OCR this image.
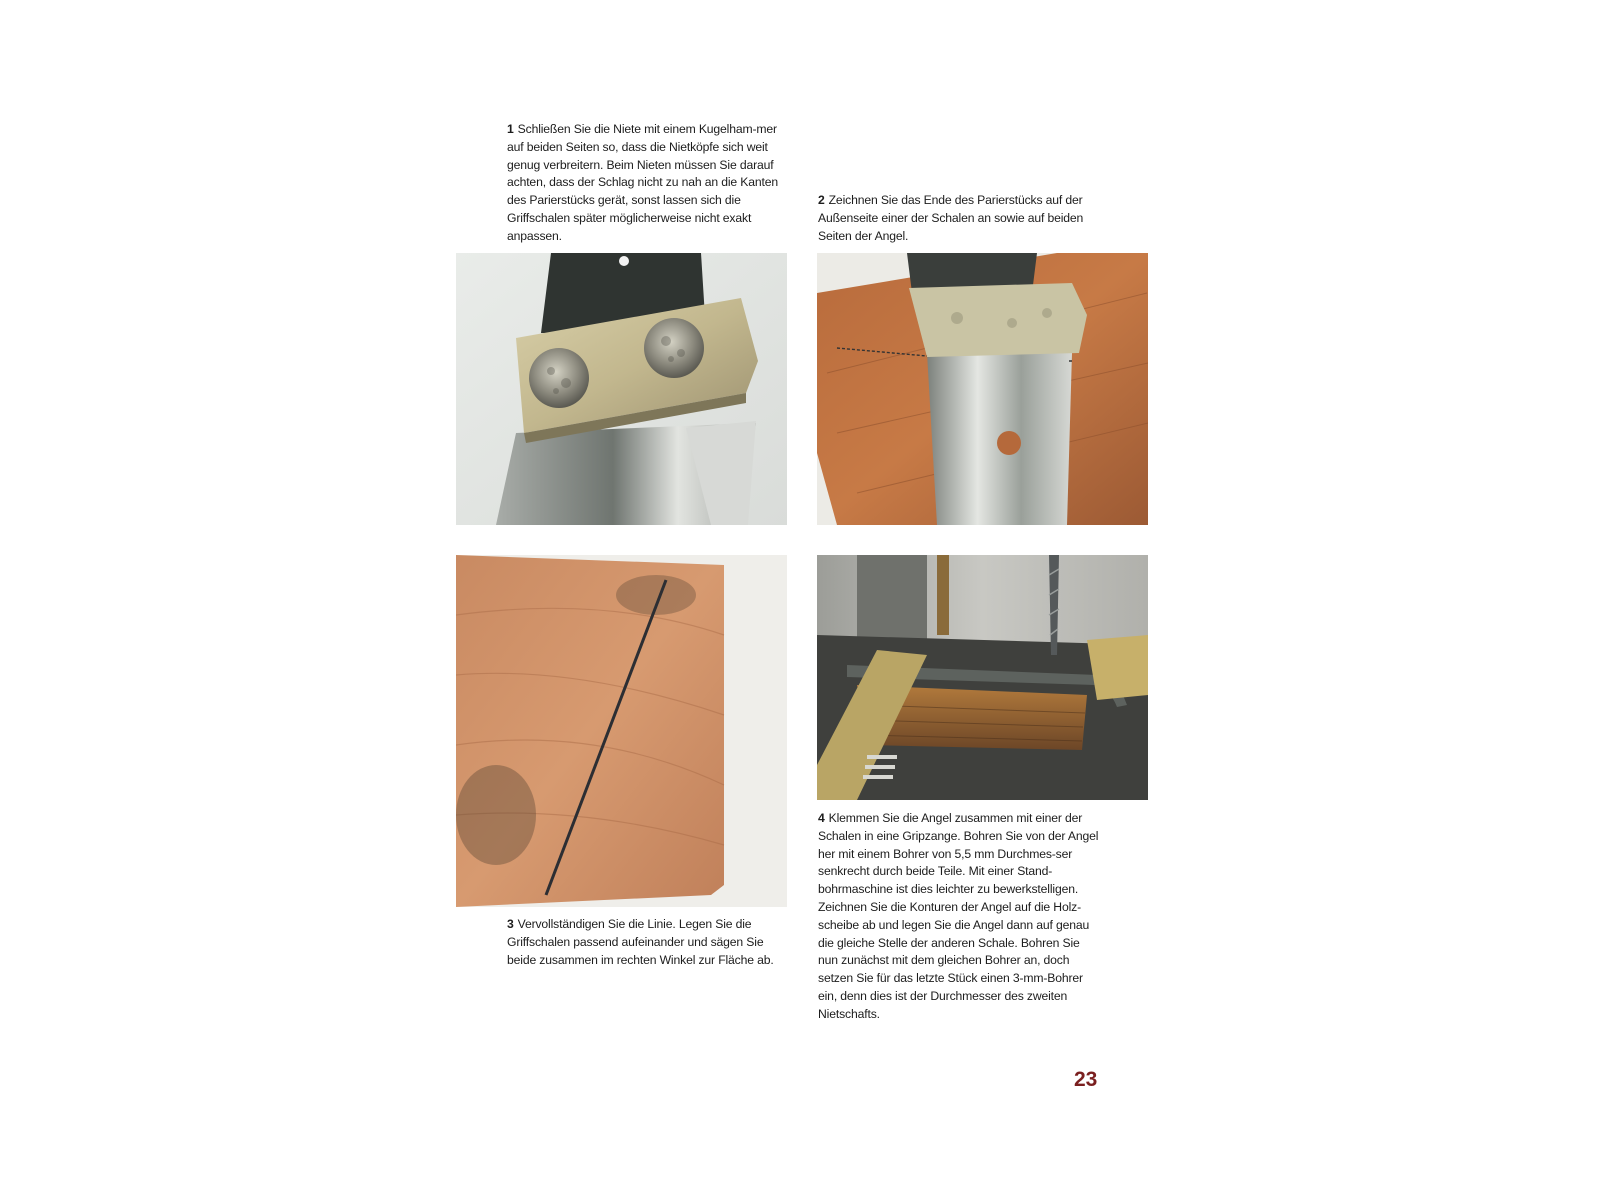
1 Schließen Sie die Niete mit einem Kugelham-mer auf beiden Seiten so, dass die Nietköpfe sich weit genug verbreitern. Beim Nieten müssen Sie darauf achten, dass der Schlag nicht zu nah an die Kanten des Parierstücks gerät, sonst lassen sich die Griffschalen später möglicherweise nicht exakt anpassen.
2 Zeichnen Sie das Ende des Parierstücks auf der Außenseite einer der Schalen an sowie auf beiden Seiten der Angel.
3 Vervollständigen Sie die Linie. Legen Sie die Griffschalen passend aufeinander und sägen Sie beide zusammen im rechten Winkel zur Fläche ab.
4 Klemmen Sie die Angel zusammen mit einer der Schalen in eine Gripzange. Bohren Sie von der Angel her mit einem Bohrer von 5,5 mm Durchmes-ser senkrecht durch beide Teile. Mit einer Stand-bohrmaschine ist dies leichter zu bewerkstelligen. Zeichnen Sie die Konturen der Angel auf die Holz-scheibe ab und legen Sie die Angel dann auf genau die gleiche Stelle der anderen Schale. Bohren Sie nun zunächst mit dem gleichen Bohrer an, doch setzen Sie für das letzte Stück einen 3-mm-Bohrer ein, denn dies ist der Durchmesser des zweiten Nietschafts.
23
